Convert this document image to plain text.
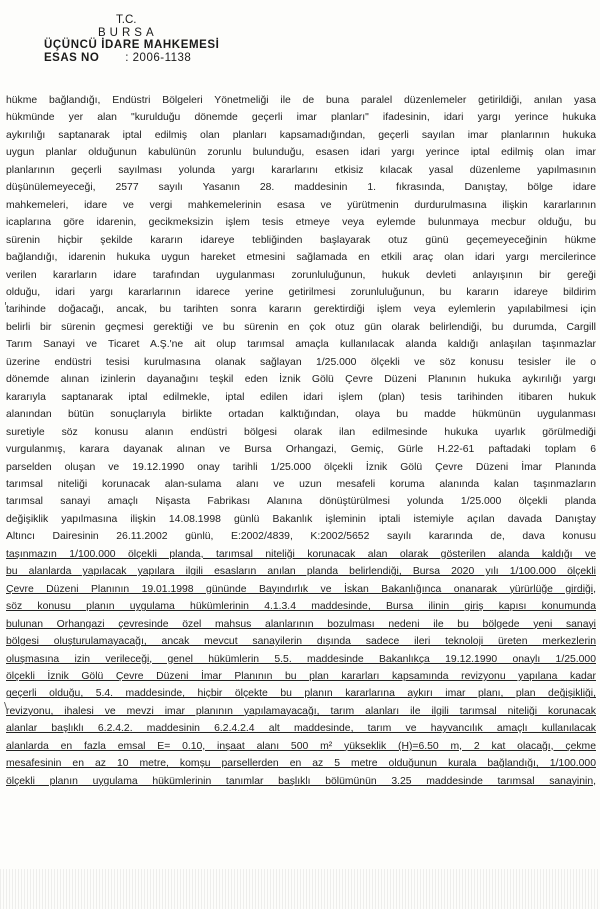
T.C.
BURSA
ÜÇÜNCÜ İDARE MAHKEMESİ
ESAS NO : 2006-1138
hükme bağlandığı, Endüstri Bölgeleri Yönetmeliği ile de buna paralel düzenlemeler getirildiği, anılan yasa
hükmünde yer alan "kurulduğu dönemde geçerli imar planları" ifadesinin, idari yargı yerince hukuka
aykırılığı saptanarak iptal edilmiş olan planları kapsamadığından, geçerli sayılan imar planlarının hukuka
uygun planlar olduğunun kabulünün zorunlu bulunduğu, esasen idari yargı yerince iptal edilmiş olan imar
planlarının geçerli sayılması yolunda yargı kararlarını etkisiz kılacak yasal düzenleme yapılmasının
düşünülemeyeceği, 2577 sayılı Yasanın 28. maddesinin 1. fıkrasında, Danıştay, bölge idare
mahkemeleri, idare ve vergi mahkemelerinin esasa ve yürütmenin durdurulmasına ilişkin kararlarının
icaplarına göre idarenin, gecikmeksizin işlem tesis etmeye veya eylemde bulunmaya mecbur olduğu, bu
sürenin hiçbir şekilde kararın idareye tebliğinden başlayarak otuz günü geçemeyeceğinin hükme
bağlandığı, idarenin hukuka uygun hareket etmesini sağlamada en etkili araç olan idari yargı mercilerince
verilen kararların idare tarafından uygulanması zorunluluğunun, hukuk devleti anlayışının bir gereği
olduğu, idari yargı kararlarının idarece yerine getirilmesi zorunluluğunun, bu kararın idareye bildirim
tarihinde doğacağı, ancak, bu tarihten sonra kararın gerektirdiği işlem veya eylemlerin yapılabilmesi için
belirli bir sürenin geçmesi gerektiği ve bu sürenin en çok otuz gün olarak belirlendiği, bu durumda, Cargill
Tarım Sanayi ve Ticaret A.Ş.'ne ait olup tarımsal amaçla kullanılacak alanda kaldığı anlaşılan taşınmazlar
üzerine endüstri tesisi kurulmasına olanak sağlayan 1/25.000 ölçekli ve söz konusu tesisler ile o
dönemde alınan izinlerin dayanağını teşkil eden İznik Gölü Çevre Düzeni Planının hukuka aykırılığı yargı
kararıyla saptanarak iptal edilmekle, iptal edilen idari işlem (plan) tesis tarihinden itibaren hukuk
alanından bütün sonuçlarıyla birlikte ortadan kalktığından, olaya bu madde hükmünün uygulanması
suretiyle söz konusu alanın endüstri bölgesi olarak ilan edilmesinde hukuka uyarlık görülmediği
vurgulanmış, karara dayanak alınan ve Bursa Orhangazi, Gemiç, Gürle H.22-61 paftadaki toplam 6
parselden oluşan ve 19.12.1990 onay tarihli 1/25.000 ölçekli İznik Gölü Çevre Düzeni İmar Planında
tarımsal niteliği korunacak alan-sulama alanı ve uzun mesafeli koruma alanında kalan taşınmazların
tarımsal sanayi amaçlı Nişasta Fabrikası Alanına dönüştürülmesi yolunda 1/25.000 ölçekli planda
değişiklik yapılmasına ilişkin 14.08.1998 günlü Bakanlık işleminin iptali istemiyle açılan davada Danıştay
Altıncı Dairesinin 26.11.2002 günlü, E:2002/4839, K:2002/5652 sayılı kararında de, dava konusu
taşınmazın 1/100.000 ölçekli planda, tarımsal niteliği korunacak alan olarak gösterilen alanda kaldığı ve
bu alanlarda yapılacak yapılara ilgili esasların anılan planda belirlendiği, Bursa 2020 yılı 1/100.000 ölçekli
Çevre Düzeni Planının 19.01.1998 gününde Bayındırlık ve İskan Bakanlığınca onanarak yürürlüğe girdiği,
söz konusu planın uygulama hükümlerinin 4.1.3.4 maddesinde, Bursa ilinin giriş kapısı konumunda
bulunan Orhangazi çevresinde özel mahsus alanlarının bozulması nedeni ile bu bölgede yeni sanayi
bölgesi oluşturulamayacağı, ancak mevcut sanayilerin dışında sadece ileri teknoloji üreten merkezlerin
oluşmasına izin verileceği, genel hükümlerin 5.5. maddesinde Bakanlıkça 19.12.1990 onaylı 1/25.000
ölçekli İznik Gölü Çevre Düzeni İmar Planının bu plan kararları kapsamında revizyonu yapılana kadar
geçerli olduğu, 5.4. maddesinde, hiçbir ölçekte bu planın kararlarına aykırı imar planı, plan değişikliği,
revizyonu, ihalesi ve mevzi imar planının yapılamayacağı, tarım alanları ile ilgili tarımsal niteliği korunacak
alanlar başlıklı 6.2.4.2. maddesinin 6.2.4.2.4 alt maddesinde, tarım ve hayvancılık amaçlı kullanılacak
alanlarda en fazla emsal E= 0.10, inşaat alanı 500 m² yükseklik (H)=6.50 m, 2 kat olacağı, çekme
mesafesinin en az 10 metre, komşu parsellerden en az 5 metre olduğunun kurala bağlandığı, 1/100.000
ölçekli planın uygulama hükümlerinin tanımlar başlıklı bölümünün 3.25 maddesinde tarımsal sanayinin,
'
\
